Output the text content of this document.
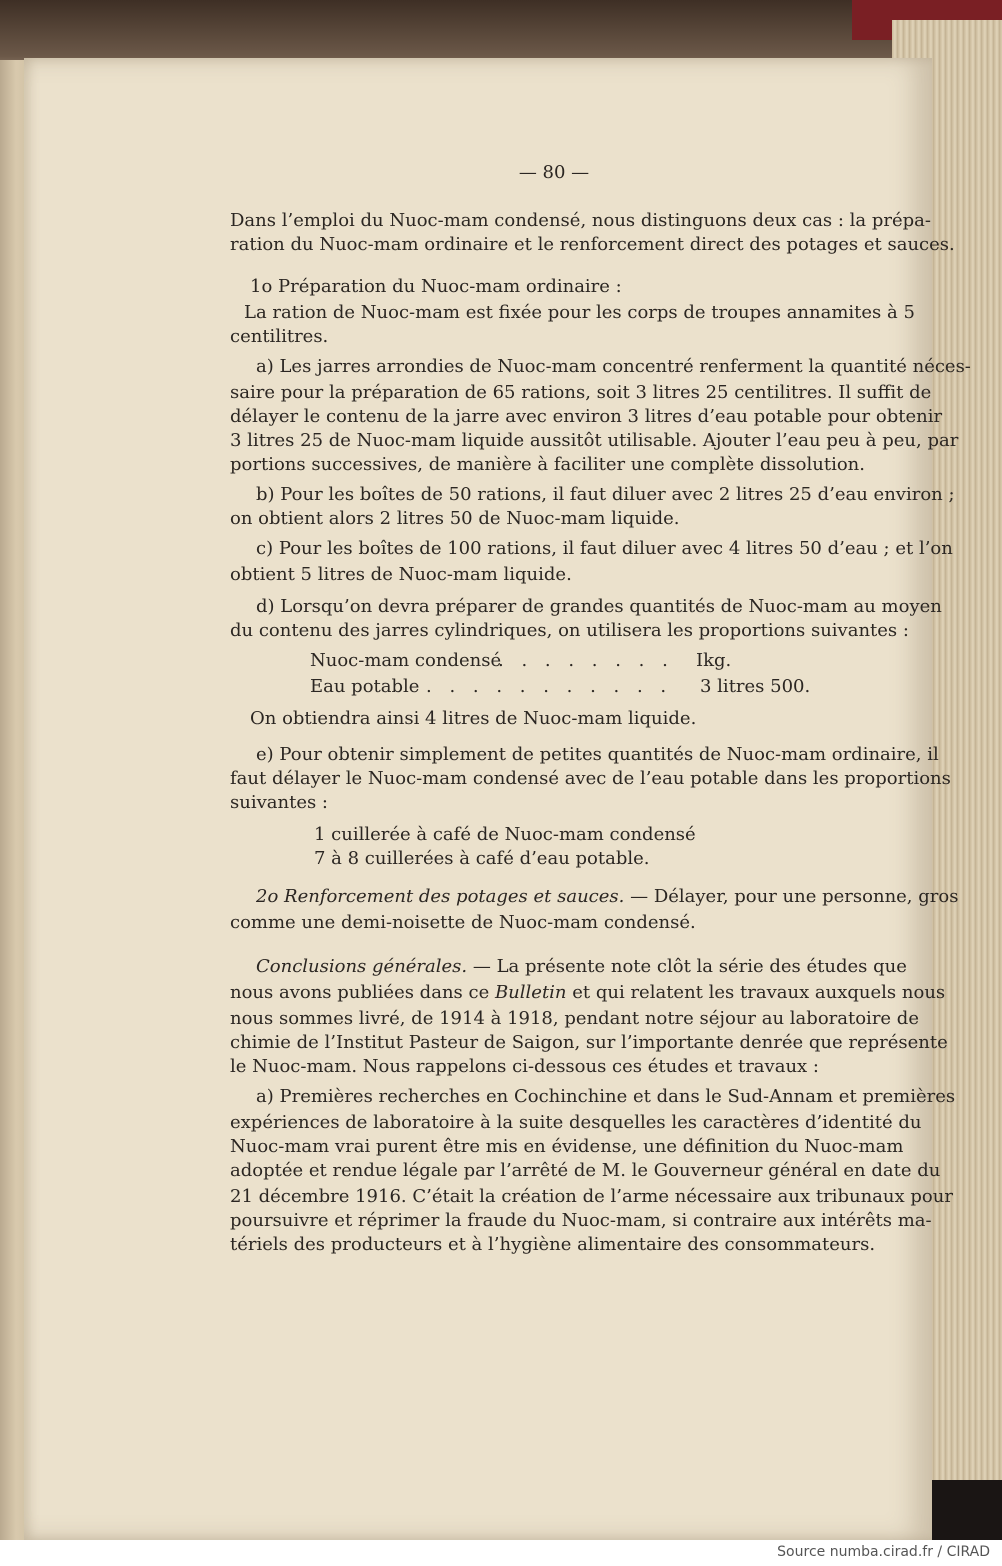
— 80 —

Dans l’emploi du Nuoc-mam condensé, nous distinguons deux cas : la prépa-

ration du Nuoc-mam ordinaire et le renforcement direct des potages et sauces.

1o Préparation du Nuoc-mam ordinaire :

La ration de Nuoc-mam est fixée pour les corps de troupes annamites à 5

centilitres.

a) Les jarres arrondies de Nuoc-mam concentré renferment la quantité néces-

saire pour la préparation de 65 rations, soit 3 litres 25 centilitres. Il suffit de

délayer le contenu de la jarre avec environ 3 litres d’eau potable pour obtenir

3 litres 25 de Nuoc-mam liquide aussitôt utilisable. Ajouter l’eau peu à peu, par

portions successives, de manière à faciliter une complète dissolution.

b) Pour les boîtes de 50 rations, il faut diluer avec 2 litres 25 d’eau environ ;

on obtient alors 2 litres 50 de Nuoc-mam liquide.

c) Pour les boîtes de 100 rations, il faut diluer avec 4 litres 50 d’eau ; et l’on

obtient 5 litres de Nuoc-mam liquide.

d) Lorsqu’on devra préparer de grandes quantités de Nuoc-mam au moyen

du contenu des jarres cylindriques, on utilisera les proportions suivantes :

Nuoc-mam condensé

. . . . . . . . Ikg.

Eau potable . . . . . . . . . . . 3 litres 500.

On obtiendra ainsi 4 litres de Nuoc-mam liquide.

e) Pour obtenir simplement de petites quantités de Nuoc-mam ordinaire, il

faut délayer le Nuoc-mam condensé avec de l’eau potable dans les proportions

suivantes :

1 cuillerée à café de Nuoc-mam condensé

7 à 8 cuillerées à café d’eau potable.

2o Renforcement des potages et sauces. — Délayer, pour une personne, gros

comme une demi-noisette de Nuoc-mam condensé.

Conclusions générales. — La présente note clôt la série des études que

nous avons publiées dans ce Bulletin et qui relatent les travaux auxquels nous

nous sommes livré, de 1914 à 1918, pendant notre séjour au laboratoire de

chimie de l’Institut Pasteur de Saigon, sur l’importante denrée que représente

le Nuoc-mam. Nous rappelons ci-dessous ces études et travaux :

a) Premières recherches en Cochinchine et dans le Sud-Annam et premières

expériences de laboratoire à la suite desquelles les caractères d’identité du

Nuoc-mam vrai purent être mis en évidense, une définition du Nuoc-mam

adoptée et rendue légale par l’arrêté de M. le Gouverneur général en date du

21 décembre 1916. C’était la création de l’arme nécessaire aux tribunaux pour

poursuivre et réprimer la fraude du Nuoc-mam, si contraire aux intérêts ma-

tériels des producteurs et à l’hygiène alimentaire des consommateurs.

Source numba.cirad.fr / CIRAD
